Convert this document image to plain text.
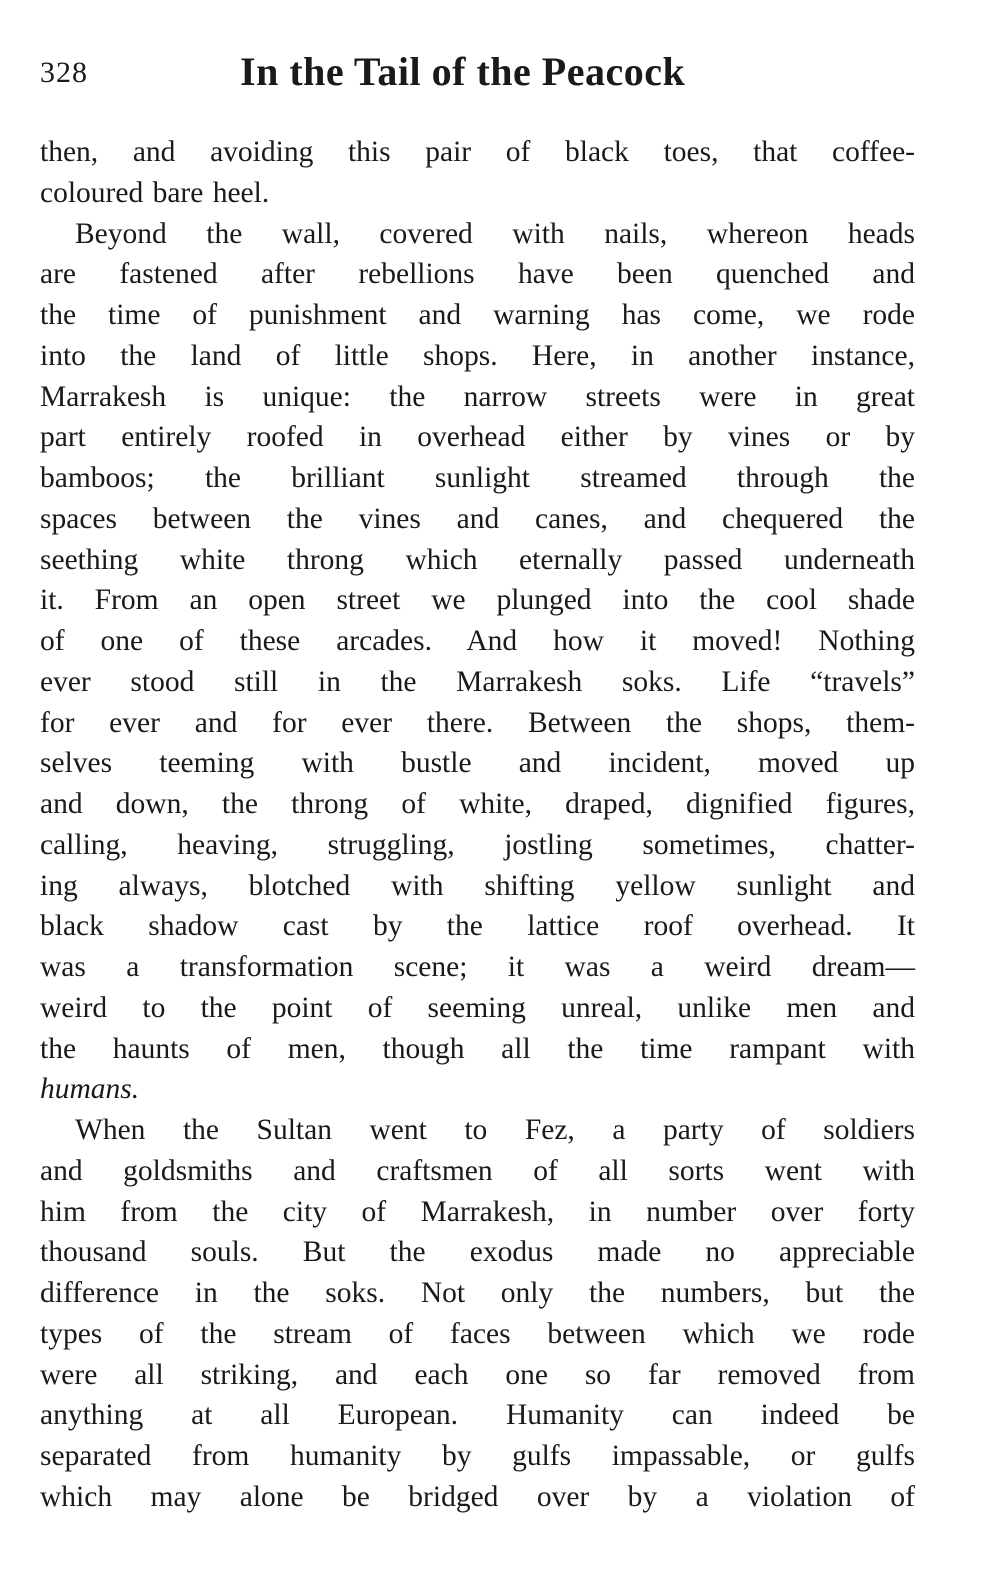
328	In the Tail of the Peacock
then, and avoiding this pair of black toes, that coffee-
coloured bare heel.
Beyond the wall, covered with nails, whereon heads
are fastened after rebellions have been quenched and
the time of punishment and warning has come, we rode
into the land of little shops. Here, in another instance,
Marrakesh is unique: the narrow streets were in great
part entirely roofed in overhead either by vines or by
bamboos; the brilliant sunlight streamed through the
spaces between the vines and canes, and chequered the
seething white throng which eternally passed underneath
it. From an open street we plunged into the cool shade
of one of these arcades. And how it moved! Nothing
ever stood still in the Marrakesh soks. Life “travels”
for ever and for ever there. Between the shops, them-
selves teeming with bustle and incident, moved up
and down, the throng of white, draped, dignified figures,
calling, heaving, struggling, jostling sometimes, chatter-
ing always, blotched with shifting yellow sunlight and
black shadow cast by the lattice roof overhead. It
was a transformation scene; it was a weird dream—
weird to the point of seeming unreal, unlike men and
the haunts of men, though all the time rampant with
humans.
When the Sultan went to Fez, a party of soldiers
and goldsmiths and craftsmen of all sorts went with
him from the city of Marrakesh, in number over forty
thousand souls. But the exodus made no appreciable
difference in the soks. Not only the numbers, but the
types of the stream of faces between which we rode
were all striking, and each one so far removed from
anything at all European. Humanity can indeed be
separated from humanity by gulfs impassable, or gulfs
which may alone be bridged over by a violation of
